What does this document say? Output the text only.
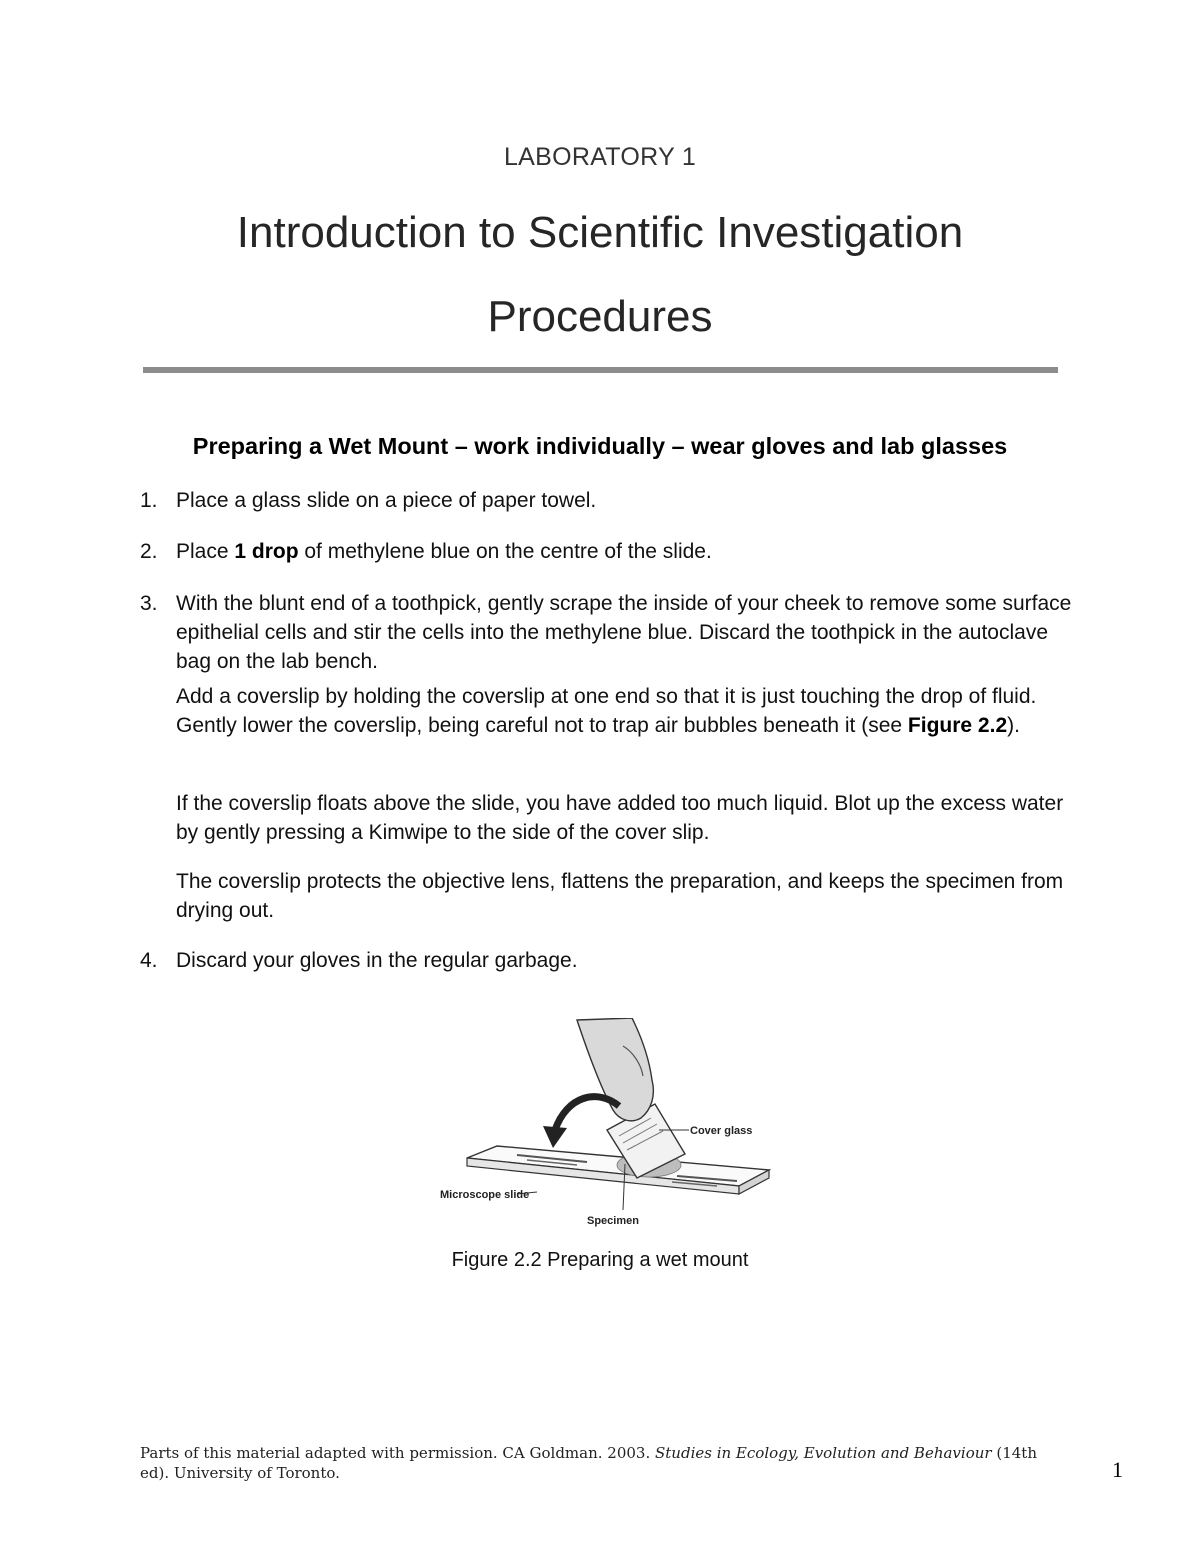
LABORATORY 1
Introduction to Scientific Investigation
Procedures
Preparing a Wet Mount – work individually – wear gloves and lab glasses
1. Place a glass slide on a piece of paper towel.
2. Place 1 drop of methylene blue on the centre of the slide.
3. With the blunt end of a toothpick, gently scrape the inside of your cheek to remove some surface epithelial cells and stir the cells into the methylene blue. Discard the toothpick in the autoclave bag on the lab bench.
Add a coverslip by holding the coverslip at one end so that it is just touching the drop of fluid. Gently lower the coverslip, being careful not to trap air bubbles beneath it (see Figure 2.2).
If the coverslip floats above the slide, you have added too much liquid. Blot up the excess water by gently pressing a Kimwipe to the side of the cover slip.
The coverslip protects the objective lens, flattens the preparation, and keeps the specimen from drying out.
4. Discard your gloves in the regular garbage.
Cover glass
Microscope slide
Specimen
Figure 2.2 Preparing a wet mount
Parts of this material adapted with permission. CA Goldman. 2003. Studies in Ecology, Evolution and Behaviour (14th ed). University of Toronto.	1
